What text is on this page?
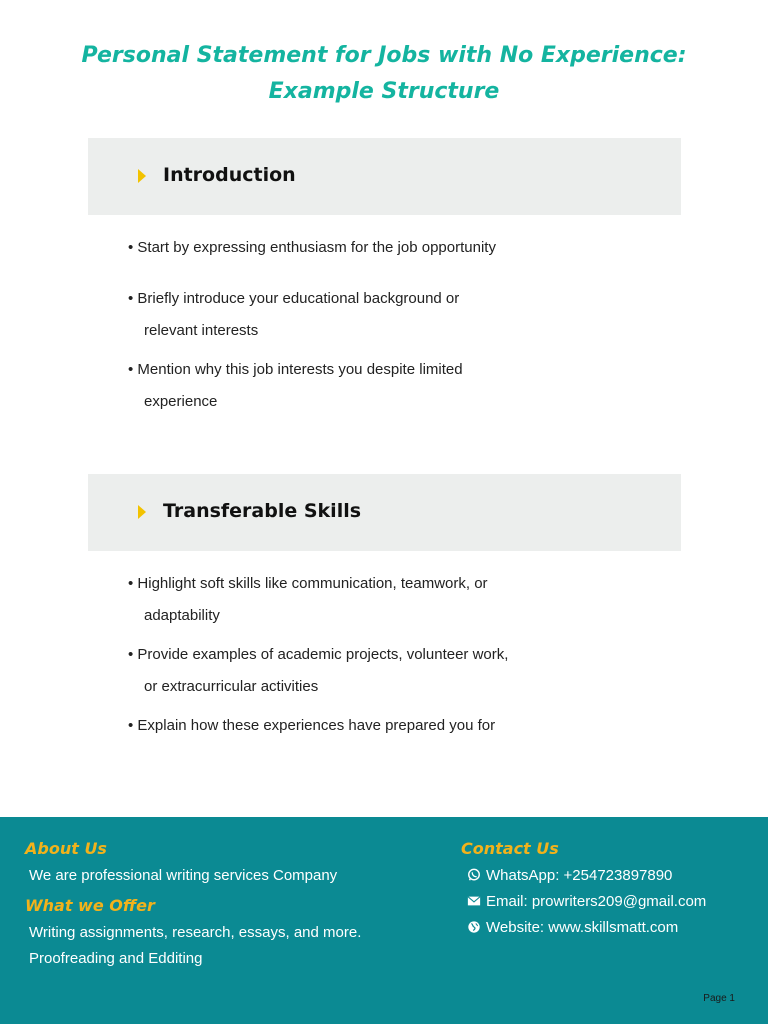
Personal Statement for Jobs with No Experience: Example Structure
Introduction
• Start by expressing enthusiasm for the job opportunity
• Briefly introduce your educational background or
relevant interests
• Mention why this job interests you despite limited
experience
Transferable Skills
• Highlight soft skills like communication, teamwork, or
adaptability
• Provide examples of academic projects, volunteer work,
or extracurricular activities
• Explain how these experiences have prepared you for
About Us
We are professional writing services Company
What we Offer
Writing assignments, research, essays, and more.
Proofreading and Edditing
Contact Us
WhatsApp: +254723897890
Email: prowriters209@gmail.com
Website: www.skillsmatt.com
Page 1
